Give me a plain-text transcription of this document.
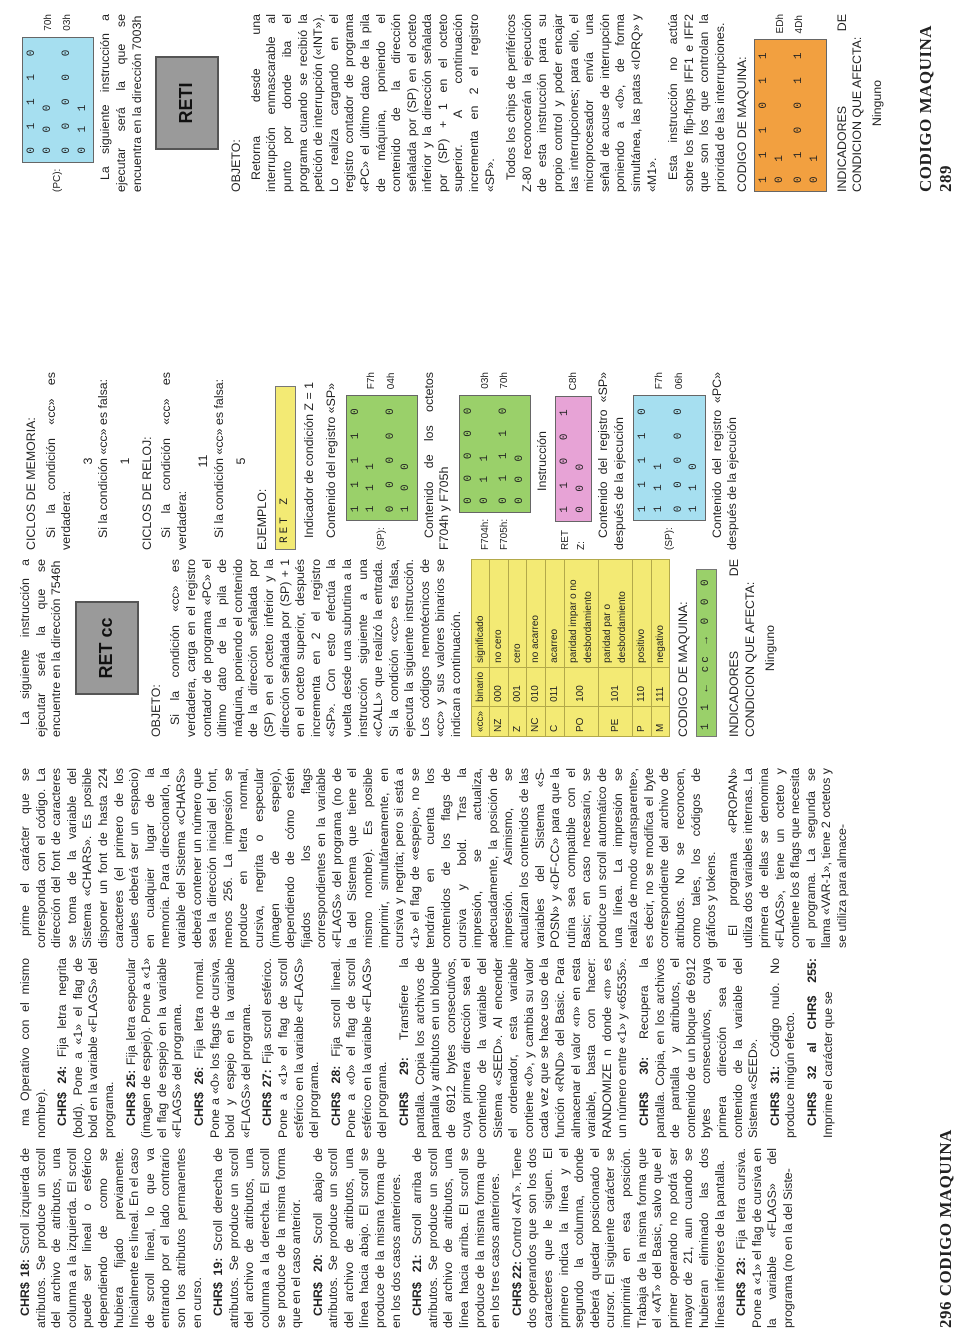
CHR$ 18: Scroll izquierda de atributos. Se produce un scroll del archivo de atributos, una columna a la izquierda. El scroll puede ser lineal o esférico dependiendo de como se hubiera fijado previamente. Inicialmente es lineal. En el caso de scroll lineal, lo que va entrando por el lado contrario son los atributos permanentes en curso. CHR$ 19: Scroll derecha de atributos. Se produce un scroll del archivo de atributos, una columna a la derecha. El scroll se produce de la misma forma que en el caso anterior. CHR$ 20: Scroll abajo de atributos. Se produce un scroll del archivo de atributos, una línea hacia abajo. El scroll se produce de la misma forma que en los dos casos anteriores. CHR$ 21: Scroll arriba de atributos. Se produce un scroll del archivo de atributos, una línea hacia arriba. El scroll se produce de la misma forma que en los tres casos anteriores. CHR$ 22: Control «AT». Tiene dos operandos que son los dos caracteres que le siguen. El primero indica la línea y el segundo la columna, donde deberá quedar posicionado el cursor. El siguiente carácter se imprimirá en esa posición. Trabaja de la misma forma que el «AT» del Basic, salvo que el primer operando no podrá ser mayor de 21, aun cuando se hubieran eliminado las dos líneas inferiores de la pantalla. CHR$ 23: Fija letra cursiva. Pone a «1» el flag de cursiva en la variable «FLAGS» del programa (no en la del Siste-

ma Operativo con el mismo nombre). CHR$ 24: Fija letra negrita (bold). Pone a «1» el flag de bold en la variable «FLAGS» del programa. CHR$ 25: Fija letra especular (imagen de espejo). Pone a «1» el flag de espejo en la variable «FLAGS» del programa. CHR$ 26: Fija letra normal. Pone a «0» los flags de cursiva, bold y espejo en la variable «FLAGS» del programa. CHR$ 27: Fija scroll esférico. Pone a «1» el flag de scroll esférico en la variable «FLAGS» del programa. CHR$ 28: Fija scroll lineal. Pone a «0» el flag de scroll esférico en la variable «FLAGS» del programa. CHR$ 29: Transfiere la pantalla. Copia los archivos de pantalla y atributos en un bloque de 6912 bytes consecutivos, cuya primera dirección sea el contenido de la variable del Sistema «SEED». Al encender el ordenador, esta variable contiene «0», y cambia su valor cada vez que se hace uso de la función «RND» del Basic. Para almacenar el valor «n» en esta variable, basta con hacer: RANDOMIZE n donde «n» es un número entre «1» y «65535». CHR$ 30: Recupera la pantalla. Copia, en los archivos de pantalla y atributos, el contenido de un bloque de 6912 bytes consecutivos, cuya primera dirección sea el contenido de la variable del Sistema «SEED». CHR$ 31: Código nulo. No produce ningún efecto. CHR$ 32 al CHR$ 255: Imprime el carácter que se

prime el carácter que se corresponda con el código. La dirección del font de caracteres se toma de la variable del Sistema «CHARS». Es posible disponer un font de hasta 224 caracteres (el primero de los cuales deberá ser un espacio) en cualquier lugar de la memoria. Para direccionarlo, la variable del Sistema «CHARS» deberá contener un número que sea la dirección inicial del font, menos 256. La impresión se produce en letra normal, cursiva, negrita o especular (imagen de espejo), dependiendo de cómo estén fijados los flags correspondientes en la variable «FLAGS» del programa (no de la del Sistema que tiene el mismo nombre). Es posible imprimir, simultáneamente, en cursiva y negrita; pero si está a «1» el flag de «espejo», no se tendrán en cuenta los contenidos de los flags de cursiva y bold. Tras la impresión, se actualiza, adecuadamente, la posición de impresión. Asimismo, se actualizan los contenidos de las variables del Sistema «S-POSN» y «DF-CC» para que la rutina sea compatible con el Basic; en caso necesario, se produce un scroll automático de una línea. La impresión se realiza de modo «transparente», es decir, no se modifica el byte correspondiente del archivo de atributos. No se reconocen, como tales, los códigos de gráficos y tokens. El programa «PROPAN» utiliza dos variables internas. La primera de ellas se denomina «FLAGS», tiene un octeto y contiene los 8 flags que necesita el programa. La segunda se llama «VAR-1», tiene 2 octetos y se utiliza para almace-

296 CODIGO MAQUINA

La siguiente instrucción a ejecutar será la que se encuentre en la dirección 7546h	RET cc
OBJETO: Si la condición «cc» es verdadera, carga en el registro contador de programa «PC» el último dato de la pila de máquina, poniendo el contenido de la dirección señalada por (SP) en el octeto inferior y la dirección señalada por (SP) + 1 en el octeto superior, después incrementa en 2 el registro «SP». Con esto efectúa la vuelta desde una subrutina a la instrucción siguiente a una «CALL» que realizó la entrada. Si la condición «cc» es falsa, ejecuta la siguiente instrucción. Los códigos nemotécnicos de «cc» y sus valores binarios se indican a continuación. «cc»	binario	significado
NZ	000	no cero
Z	001	cero
NC	010	no acarreo
C	011	acarreo
PO	100	paridad impar o no desbordamiento
PE	101	paridad par o desbordamiento
P	110	positivo
M	111	negativo CODIGO DE MAQUINA: 1 1 ← cc → 0 0 0 INDICADORES DE CONDICION QUE AFECTA: Ninguno
CICLOS DE MEMORIA: Si la condición «cc» es verdadera:

3 Si la condición «cc» es falsa: 1 CICLOS DE RELOJ: Si la condición «cc» es verdadera:

11 Si la condición «cc» es falsa: 5
EJEMPLO: RET Z Indicador de condición Z = 1 Contenido del registro «SP»

(SP):
1 1 1 1 0 1 1 1 0 0 0 0 0 1 0 0
F7h 04h	Contenido de los octetos F704h y F705h	F704h: F705h:
0 0 0 0 0 0 1 1 0 1 1 1 0 0 0 0
03h 70h
Instrucción
RET Z:
1 1 0 0 1 0 0 0
C8h Contenido del registro «SP» después de la ejecución	(SP):
1 1 1 1 0 1 1 1 0 0 0 0 0 1 1 0
F7h 06h	Contenido del registro «PC» después de la ejecución

(PC):
0 1 1 1 0 0 0 0 0 0 0 0 0 0 1 1
70h 03h	La siguiente instrucción a ejecutar será la que se encuentra en la dirección 7003h	RETI
OBJETO: Retorna desde una interrupción enmascarable al punto por donde iba el programa cuando se recibió la petición de interrupción («INT»). Lo realiza cargando en el registro contador de programa «PC» el último dato de la pila de máquina, poniendo el contenido de la dirección señalada por (SP) en el octeto inferior y la dirección señalada por (SP) + 1 en el octeto superior. A continuación incrementa en 2 el registro «SP». Todos los chips de periféricos Z-80 reconocerán la ejecución de esta instrucción para su propio control y poder encajar las interrupciones; para ello, el microprocesador envía una señal de acuse de interrupción poniendo a «0», de forma simultánea, las patas «IORQ» y «M1». Esta instrucción no actúa sobre los flip-flops IFF1 e IFF2 que son los que controlan la prioridad de las interrupciones. CODIGO DE MAQUINA: 1 1 1 0 1 1 0 1 0 1 0 0 1 1 0 1
EDh 4Dh	INDICADORES DE CONDICION QUE AFECTA: Ninguno CODIGO MAQUINA 289
